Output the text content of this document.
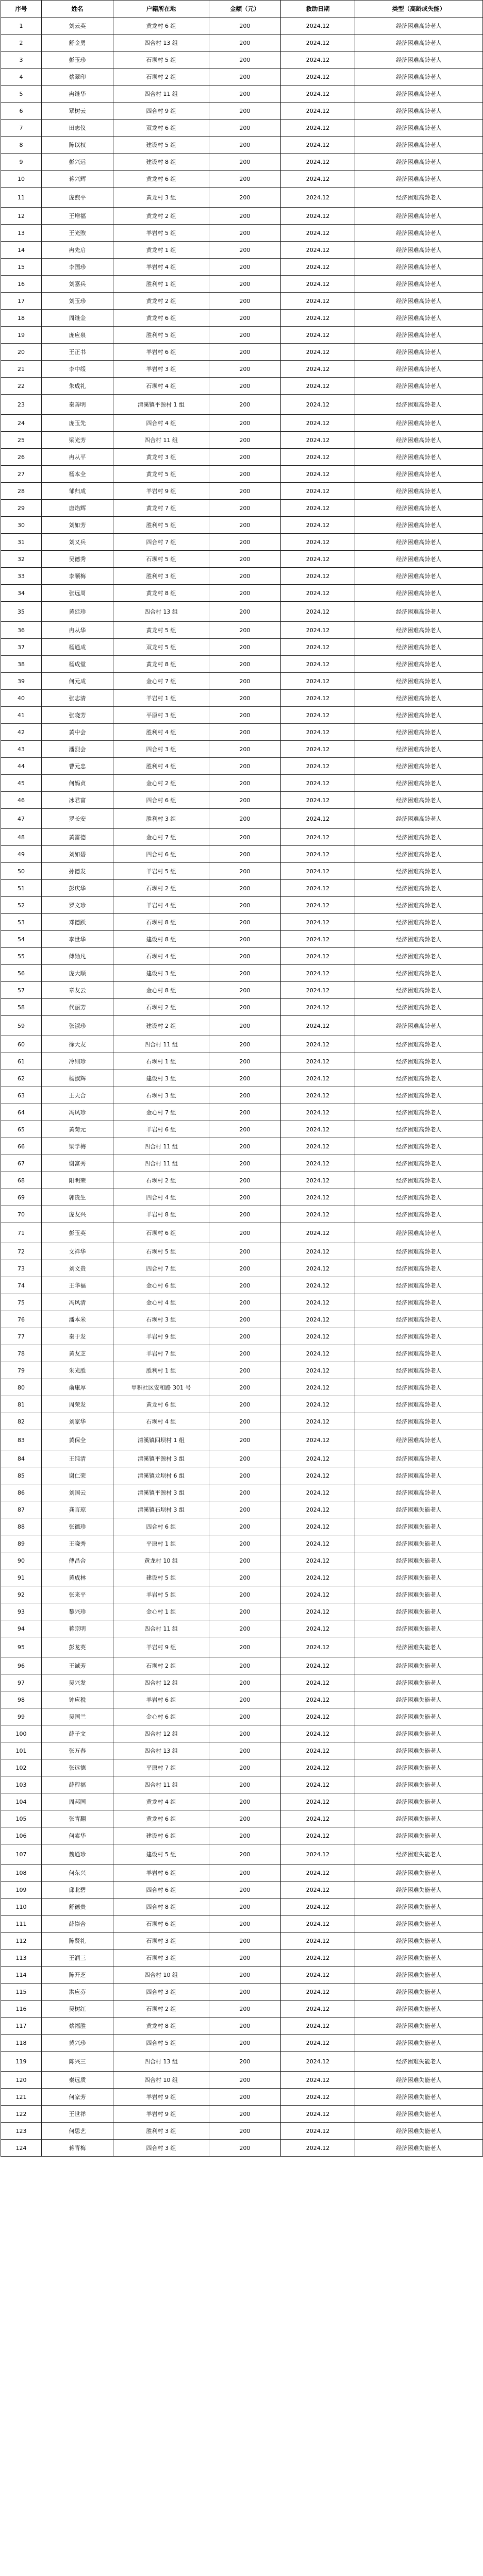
序号	姓名	户籍所在地	金额（元）	救助日期	类型（高龄或失能）
1	刘云英	黄龙村 6 组	200	2024.12	经济困难高龄老人
2	舒金勇	四合村 13 组	200	2024.12	经济困难高龄老人
3	彭玉珍	石坝村 5 组	200	2024.12	经济困难高龄老人
4	蔡翠印	石坝村 2 组	200	2024.12	经济困难高龄老人
5	冉继华	四合村 11 组	200	2024.12	经济困难高龄老人
6	覃树云	四合村 9 组	200	2024.12	经济困难高龄老人
7	田志仪	双龙村 6 组	200	2024.12	经济困难高龄老人
8	陈以权	建设村 5 组	200	2024.12	经济困难高龄老人
9	彭兴远	建设村 8 组	200	2024.12	经济困难高龄老人
10	蒋兴辉	黄龙村 6 组	200	2024.12	经济困难高龄老人
11	庞煦平	黄龙村 3 组	200	2024.12	经济困难高龄老人
12	王增福	黄龙村 2 组	200	2024.12	经济困难高龄老人
13	王光煦	羊岩村 5 组	200	2024.12	经济困难高龄老人
14	冉先启	黄龙村 1 组	200	2024.12	经济困难高龄老人
15	李国珍	羊岩村 4 组	200	2024.12	经济困难高龄老人
16	刘嘉兵	胜利村 1 组	200	2024.12	经济困难高龄老人
17	刘玉珍	黄龙村 2 组	200	2024.12	经济困难高龄老人
18	周继金	黄龙村 6 组	200	2024.12	经济困难高龄老人
19	庞应泉	胜利村 5 组	200	2024.12	经济困难高龄老人
20	王正书	羊岩村 6 组	200	2024.12	经济困难高龄老人
21	李中绥	羊岩村 3 组	200	2024.12	经济困难高龄老人
22	朱成礼	石坝村 4 组	200	2024.12	经济困难高龄老人
23	秦善明	清溪镇平源村 1 组	200	2024.12	经济困难高龄老人
24	庞玉先	四合村 4 组	200	2024.12	经济困难高龄老人
25	梁光芳	四合村 11 组	200	2024.12	经济困难高龄老人
26	冉从平	黄龙村 3 组	200	2024.12	经济困难高龄老人
27	杨本全	黄龙村 5 组	200	2024.12	经济困难高龄老人
28	邹归成	羊岩村 9 组	200	2024.12	经济困难高龄老人
29	唐焰辉	黄龙村 7 组	200	2024.12	经济困难高龄老人
30	刘如芳	胜利村 5 组	200	2024.12	经济困难高龄老人
31	刘又兵	四合村 7 组	200	2024.12	经济困难高龄老人
32	吴德秀	石坝村 5 组	200	2024.12	经济困难高龄老人
33	李顺梅	胜利村 3 组	200	2024.12	经济困难高龄老人
34	张远周	黄龙村 8 组	200	2024.12	经济困难高龄老人
35	黄廷珍	四合村 13 组	200	2024.12	经济困难高龄老人
36	冉从华	黄龙村 5 组	200	2024.12	经济困难高龄老人
37	杨通成	双龙村 5 组	200	2024.12	经济困难高龄老人
38	杨成堂	黄龙村 8 组	200	2024.12	经济困难高龄老人
39	何元成	金心村 7 组	200	2024.12	经济困难高龄老人
40	张志清	羊岩村 1 组	200	2024.12	经济困难高龄老人
41	张晓芳	平原村 3 组	200	2024.12	经济困难高龄老人
42	黄中会	胜利村 4 组	200	2024.12	经济困难高龄老人
43	潘烈会	四合村 3 组	200	2024.12	经济困难高龄老人
44	曹元忠	胜利村 4 组	200	2024.12	经济困难高龄老人
45	何妈贞	金心村 2 组	200	2024.12	经济困难高龄老人
46	冰君富	四合村 6 组	200	2024.12	经济困难高龄老人
47	罗长安	胜利村 3 组	200	2024.12	经济困难高龄老人
48	黄雷德	金心村 7 组	200	2024.12	经济困难高龄老人
49	刘如碧	四合村 6 组	200	2024.12	经济困难高龄老人
50	孙德发	羊岩村 5 组	200	2024.12	经济困难高龄老人
51	彭庆华	石坝村 2 组	200	2024.12	经济困难高龄老人
52	罗文珍	羊岩村 4 组	200	2024.12	经济困难高龄老人
53	邓德跃	石坝村 8 组	200	2024.12	经济困难高龄老人
54	李世华	建设村 8 组	200	2024.12	经济困难高龄老人
55	傅勋凡	石坝村 4 组	200	2024.12	经济困难高龄老人
56	庞大顺	建设村 3 组	200	2024.12	经济困难高龄老人
57	章友云	金心村 8 组	200	2024.12	经济困难高龄老人
58	代丽芳	石坝村 2 组	200	2024.12	经济困难高龄老人
59	张淑珍	建设村 2 组	200	2024.12	经济困难高龄老人
60	徐大友	四合村 11 组	200	2024.12	经济困难高龄老人
61	冷细珍	石坝村 1 组	200	2024.12	经济困难高龄老人
62	杨淑辉	建设村 3 组	200	2024.12	经济困难高龄老人
63	王天合	石坝村 3 组	200	2024.12	经济困难高龄老人
64	冯凤珍	金心村 7 组	200	2024.12	经济困难高龄老人
65	黄菊元	羊岩村 6 组	200	2024.12	经济困难高龄老人
66	梁学梅	四合村 11 组	200	2024.12	经济困难高龄老人
67	谢富秀	四合村 11 组	200	2024.12	经济困难高龄老人
68	阳明荣	石坝村 2 组	200	2024.12	经济困难高龄老人
69	郭贵生	四合村 4 组	200	2024.12	经济困难高龄老人
70	庞友兴	羊岩村 8 组	200	2024.12	经济困难高龄老人
71	彭玉英	石坝村 6 组	200	2024.12	经济困难高龄老人
72	文祥华	石坝村 5 组	200	2024.12	经济困难高龄老人
73	刘文贵	四合村 7 组	200	2024.12	经济困难高龄老人
74	王华福	金心村 6 组	200	2024.12	经济困难高龄老人
75	冯风清	金心村 4 组	200	2024.12	经济困难高龄老人
76	潘本米	石坝村 3 组	200	2024.12	经济困难高龄老人
77	秦于发	羊岩村 9 组	200	2024.12	经济困难高龄老人
78	黄友芝	羊岩村 7 组	200	2024.12	经济困难高龄老人
79	朱光胜	胜利村 1 组	200	2024.12	经济困难高龄老人
80	俞康厚	甲积社区安和路 301 号	200	2024.12	经济困难高龄老人
81	周荣发	黄龙村 6 组	200	2024.12	经济困难高龄老人
82	刘家华	石坝村 4 组	200	2024.12	经济困难高龄老人
83	黄保全	清溪镇四坝村 1 组	200	2024.12	经济困难高龄老人
84	王纯清	清溪镇平源村 3 组	200	2024.12	经济困难高龄老人
85	谢仁荣	清溪镇龙坝村 6 组	200	2024.12	经济困难高龄老人
86	刘国云	清溪镇平源村 3 组	200	2024.12	经济困难高龄老人
87	龚言琼	清溪镇石坝村 3 组	200	2024.12	经济困难失能老人
88	张德珍	四合村 6 组	200	2024.12	经济困难失能老人
89	王晓秀	平原村 1 组	200	2024.12	经济困难失能老人
90	傅昌合	黄龙村 10 组	200	2024.12	经济困难失能老人
91	黄成林	建设村 5 组	200	2024.12	经济困难失能老人
92	张来平	羊岩村 5 组	200	2024.12	经济困难失能老人
93	黎兴珍	金心村 1 组	200	2024.12	经济困难失能老人
94	蒋宗明	四合村 11 组	200	2024.12	经济困难失能老人
95	彭龙英	羊岩村 9 组	200	2024.12	经济困难失能老人
96	王诚芳	石坝村 2 组	200	2024.12	经济困难失能老人
97	吴兴发	四合村 12 组	200	2024.12	经济困难失能老人
98	钟应税	羊岩村 6 组	200	2024.12	经济困难失能老人
99	吴国兰	金心村 6 组	200	2024.12	经济困难失能老人
100	薛子文	四合村 12 组	200	2024.12	经济困难失能老人
101	张万春	四合村 13 组	200	2024.12	经济困难失能老人
102	张远德	平原村 7 组	200	2024.12	经济困难失能老人
103	薛程福	四合村 11 组	200	2024.12	经济困难失能老人
104	周邦国	黄龙村 4 组	200	2024.12	经济困难失能老人
105	张青翻	黄龙村 6 组	200	2024.12	经济困难失能老人
106	何素华	建设村 6 组	200	2024.12	经济困难失能老人
107	魏通珍	建设村 5 组	200	2024.12	经济困难失能老人
108	何东兴	羊岩村 6 组	200	2024.12	经济困难失能老人
109	邱北碧	四合村 6 组	200	2024.12	经济困难失能老人
110	舒德贵	四合村 8 组	200	2024.12	经济困难失能老人
111	薛崇合	石坝村 6 组	200	2024.12	经济困难失能老人
112	陈贤礼	石坝村 3 组	200	2024.12	经济困难失能老人
113	王润三	石坝村 3 组	200	2024.12	经济困难失能老人
114	陈开芝	四合村 10 组	200	2024.12	经济困难失能老人
115	洪应芬	四合村 3 组	200	2024.12	经济困难失能老人
116	吴树红	石坝村 2 组	200	2024.12	经济困难失能老人
117	蔡福胜	黄龙村 8 组	200	2024.12	经济困难失能老人
118	黄兴珍	四合村 5 组	200	2024.12	经济困难失能老人
119	陈兴三	四合村 13 组	200	2024.12	经济困难失能老人
120	秦远质	四合村 10 组	200	2024.12	经济困难失能老人
121	何家芳	羊岩村 9 组	200	2024.12	经济困难失能老人
122	王世祥	羊岩村 9 组	200	2024.12	经济困难失能老人
123	何思艺	胜利村 3 组	200	2024.12	经济困难失能老人
124	蒋青梅	四合村 3 组	200	2024.12	经济困难失能老人
